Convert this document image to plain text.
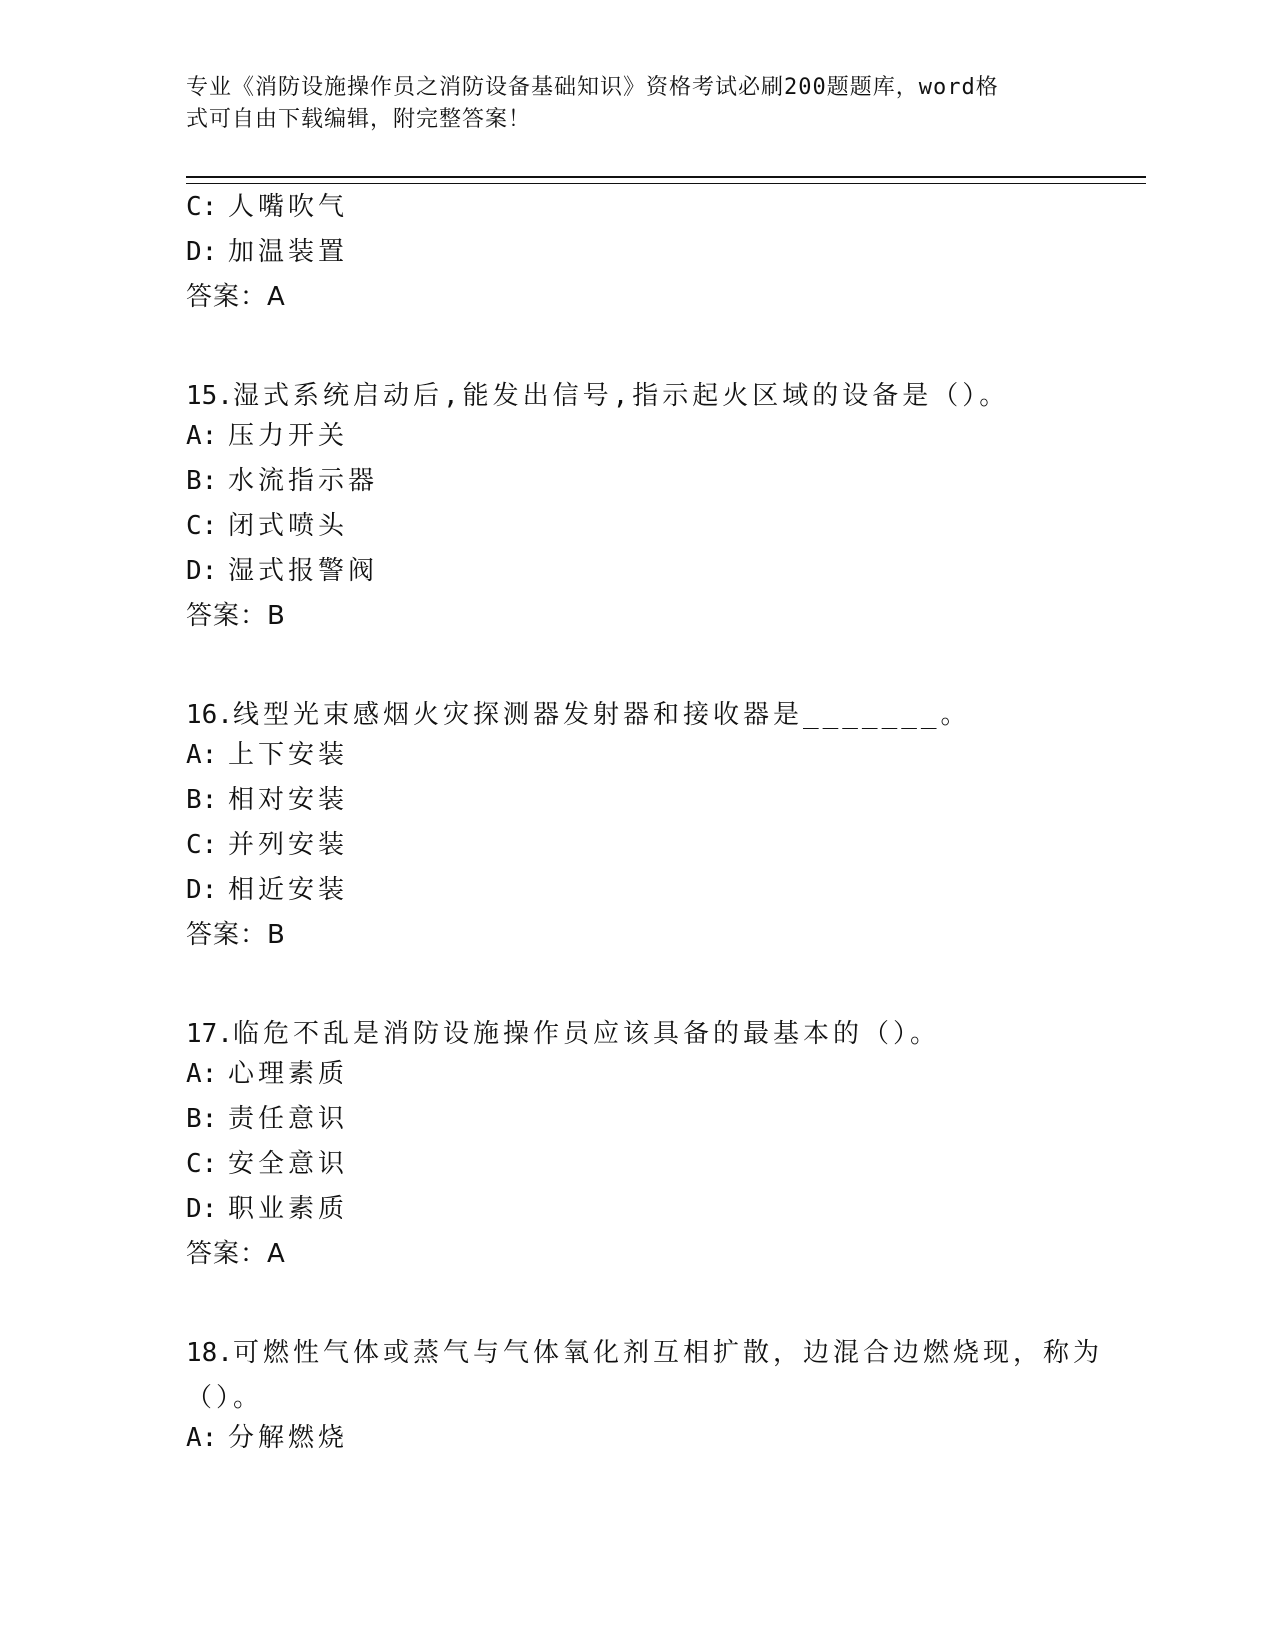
专业《消防设施操作员之消防设备基础知识》资格考试必刷200题题库，word格
式可自由下载编辑，附完整答案！
C: 人嘴吹气
D: 加温装置
答案：A
15.湿式系统启动后,能发出信号,指示起火区域的设备是（）。
A: 压力开关
B: 水流指示器
C: 闭式喷头
D: 湿式报警阀
答案：B
16.线型光束感烟火灾探测器发射器和接收器是_______。
A: 上下安装
B: 相对安装
C: 并列安装
D: 相近安装
答案：B
17.临危不乱是消防设施操作员应该具备的最基本的（）。
A: 心理素质
B: 责任意识
C: 安全意识
D: 职业素质
答案：A
18.可燃性气体或蒸气与气体氧化剂互相扩散，边混合边燃烧现，称为（）。
A: 分解燃烧
